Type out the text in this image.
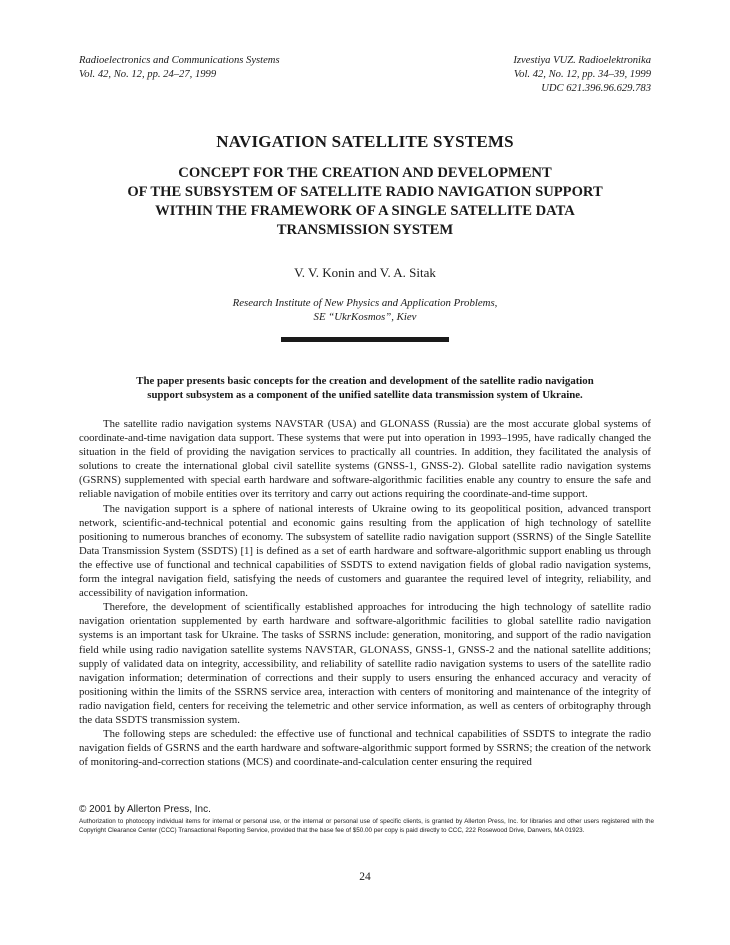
Radioelectronics and Communications Systems
Vol. 42, No. 12, pp. 24–27, 1999
Izvestiya VUZ. Radioelektronika
Vol. 42, No. 12, pp. 34–39, 1999
UDC 621.396.96.629.783
NAVIGATION SATELLITE SYSTEMS
CONCEPT FOR THE CREATION AND DEVELOPMENT
OF THE SUBSYSTEM OF SATELLITE RADIO NAVIGATION SUPPORT
WITHIN THE FRAMEWORK OF A SINGLE SATELLITE DATA
TRANSMISSION SYSTEM
V. V. Konin and V. A. Sitak
Research Institute of New Physics and Application Problems,
SE “UkrKosmos”, Kiev
The paper presents basic concepts for the creation and development of the satellite radio navigation support subsystem as a component of the unified satellite data transmission system of Ukraine.

The satellite radio navigation systems NAVSTAR (USA) and GLONASS (Russia) are the most accurate global systems of coordinate-and-time navigation data support. These systems that were put into operation in 1993–1995, have radically changed the situation in the field of providing the navigation services to practically all countries. In addition, they facilitated the analysis of solutions to create the international global civil satellite systems (GNSS-1, GNSS-2). Global satellite radio navigation systems (GSRNS) supplemented with special earth hardware and software-algorithmic facilities enable any country to ensure the safe and reliable navigation of mobile entities over its territory and carry out actions requiring the coordinate-and-time support.

The navigation support is a sphere of national interests of Ukraine owing to its geopolitical position, advanced transport network, scientific-and-technical potential and economic gains resulting from the application of high technology of satellite positioning to numerous branches of economy. The subsystem of satellite radio navigation support (SSRNS) of the Single Satellite Data Transmission System (SSDTS) [1] is defined as a set of earth hardware and software-algorithmic support enabling us through the effective use of functional and technical capabilities of SSDTS to extend navigation fields of global radio navigation systems, form the integral navigation field, satisfying the needs of customers and guarantee the required level of integrity, reliability, and accessibility of navigation information.

Therefore, the development of scientifically established approaches for introducing the high technology of satellite radio navigation orientation supplemented by earth hardware and software-algorithmic facilities to global satellite radio navigation systems is an important task for Ukraine. The tasks of SSRNS include: generation, monitoring, and support of the radio navigation field while using radio navigation satellite systems NAVSTAR, GLONASS, GNSS-1, GNSS-2 and the national satellite additions; supply of validated data on integrity, accessibility, and reliability of satellite radio navigation systems to users of the satellite radio navigation information; determination of corrections and their supply to users ensuring the enhanced accuracy and veracity of positioning within the limits of the SSRNS service area, interaction with centers of monitoring and maintenance of the integrity of radio navigation field, centers for receiving the telemetric and other service information, as well as centers of orbitography through the data SSDTS transmission system.

The following steps are scheduled: the effective use of functional and technical capabilities of SSDTS to integrate the radio navigation fields of GSRNS and the earth hardware and software-algorithmic support formed by SSRNS; the creation of the network of monitoring-and-correction stations (MCS) and coordinate-and-calculation center ensuring the required

© 2001 by Allerton Press, Inc.
Authorization to photocopy individual items for internal or personal use, or the internal or personal use of specific clients, is granted by Allerton Press, Inc. for libraries and other users registered with the Copyright Clearance Center (CCC) Transactional Reporting Service, provided that the base fee of $50.00 per copy is paid directly to CCC, 222 Rosewood Drive, Danvers, MA 01923.
24
